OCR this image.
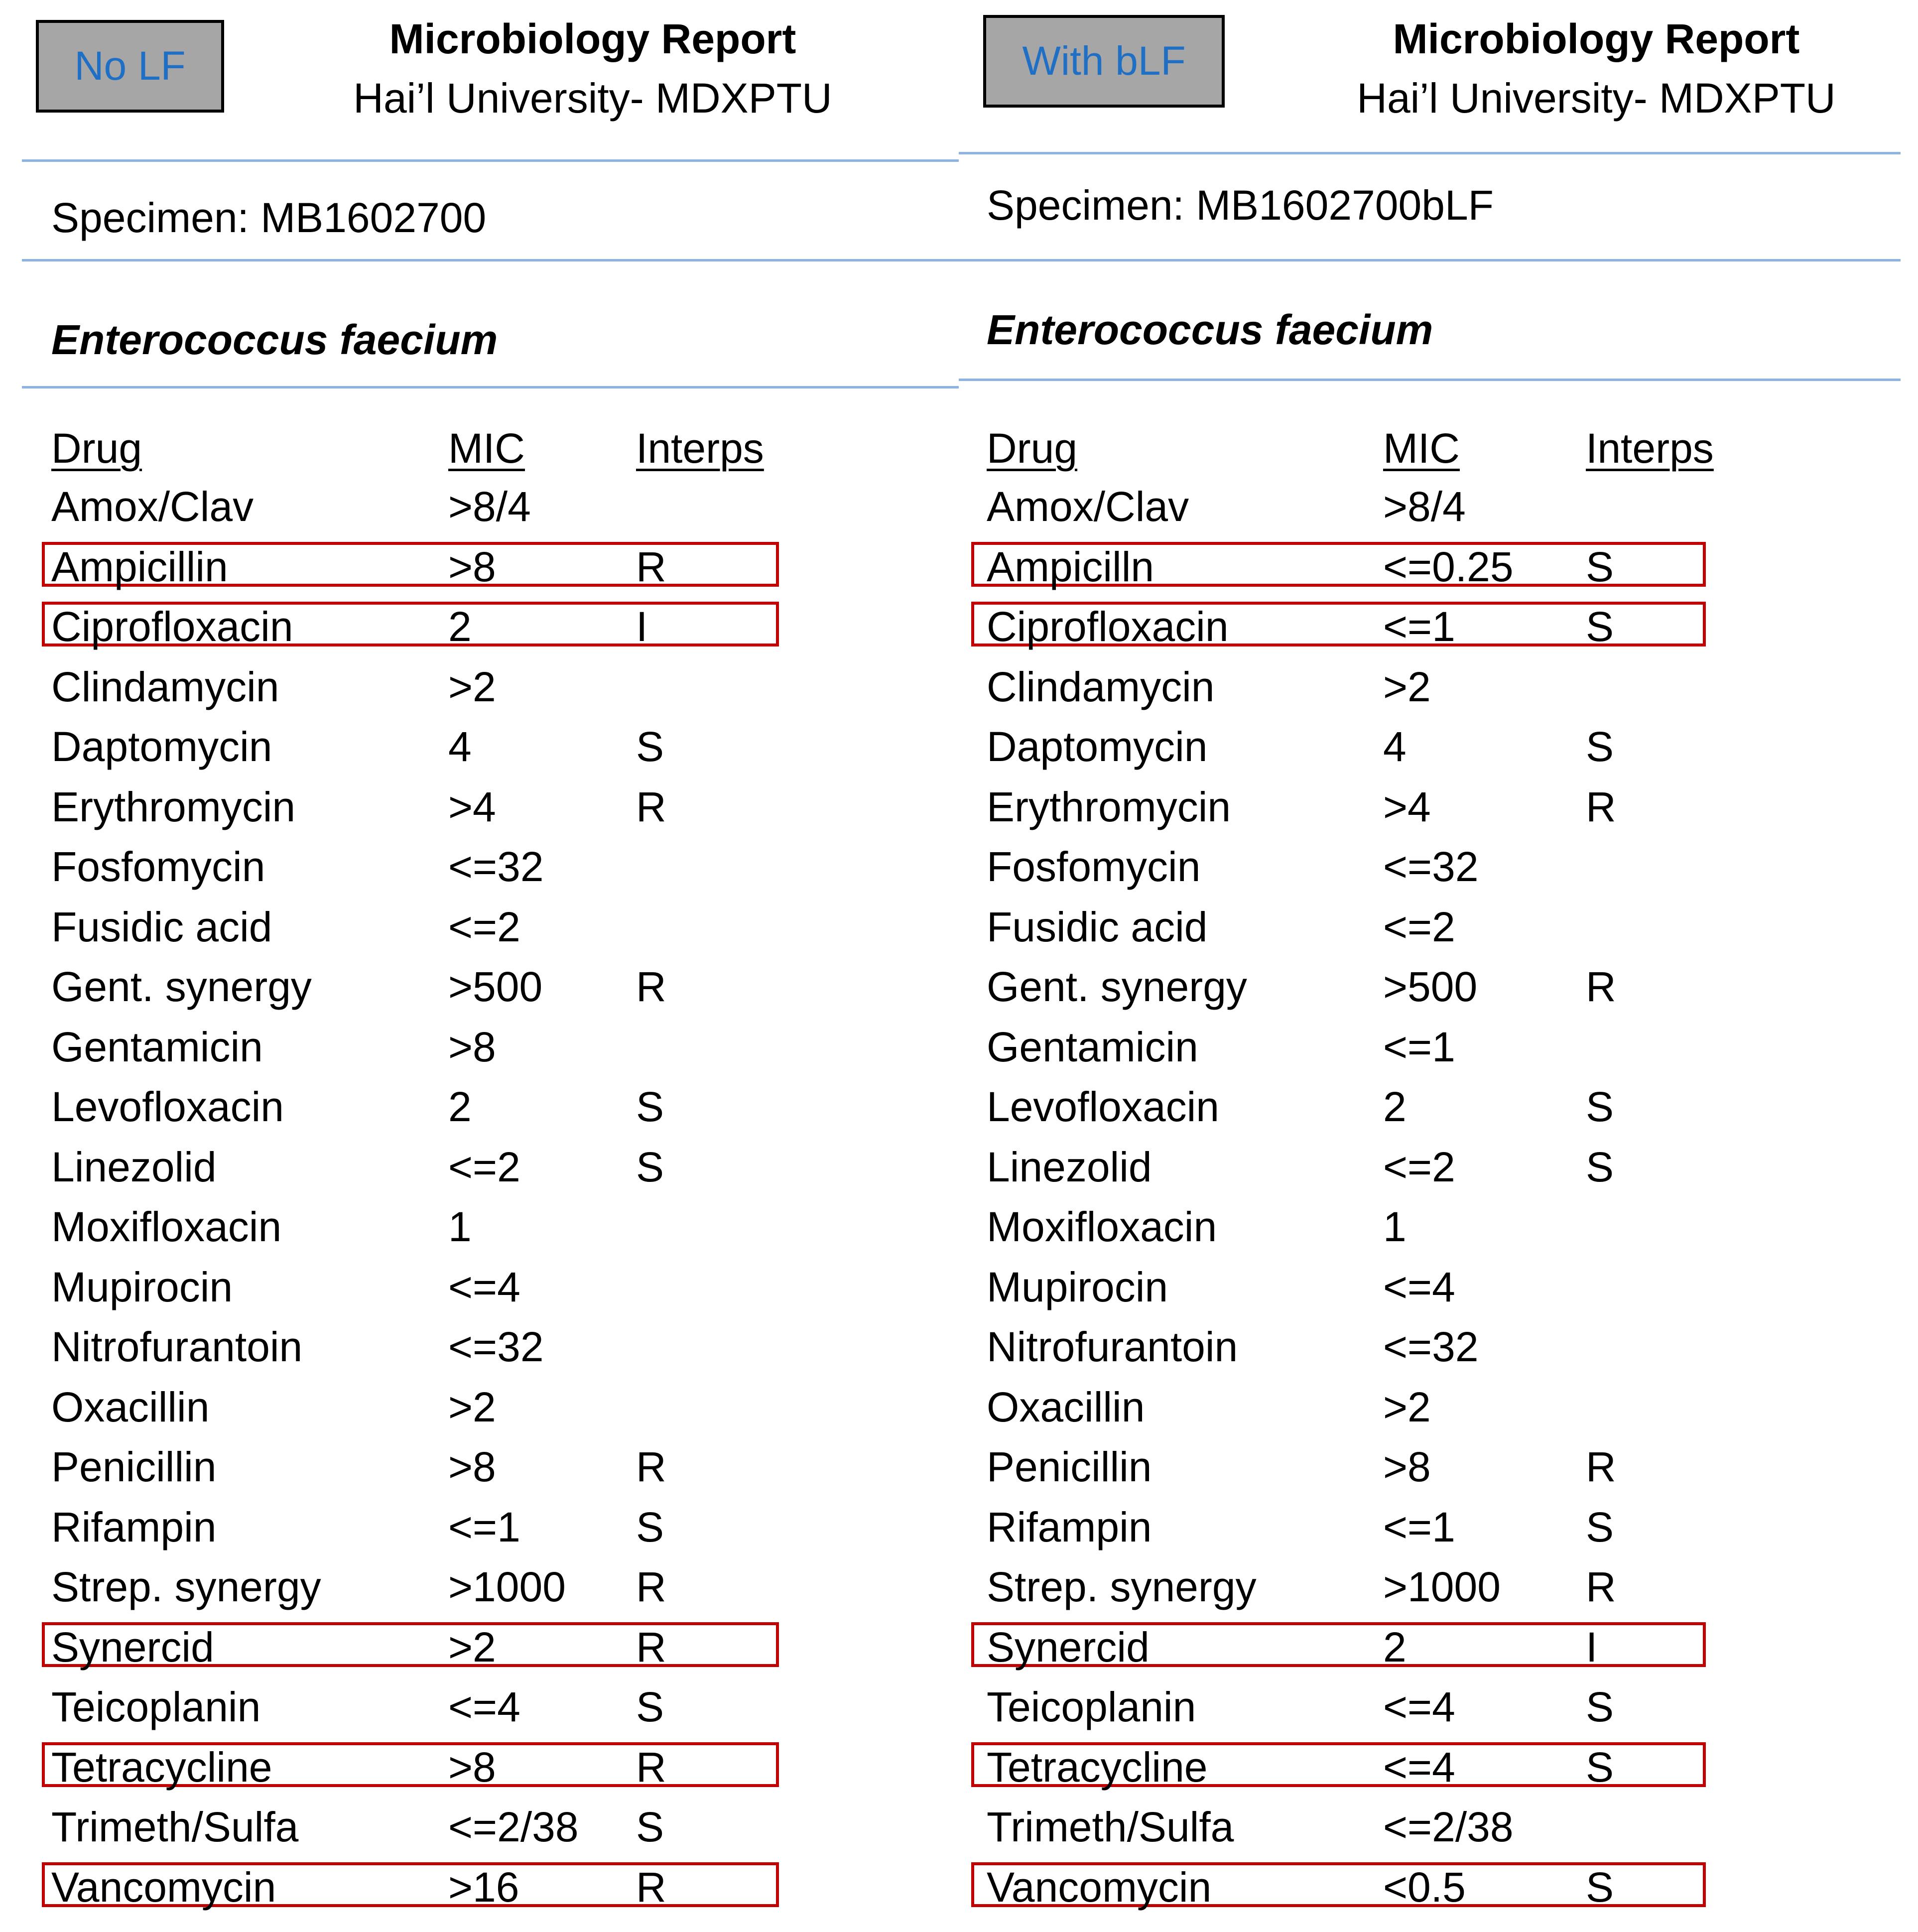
No LF
Microbiology Report
Hai’l University- MDXPTU
Specimen: MB1602700
Enterococcus faecium
Drug	MIC	Interps
Amox/Clav	>8/4
Ampicillin	>8	R
Ciprofloxacin	2	I
Clindamycin	>2
Daptomycin	4	S
Erythromycin	>4	R
Fosfomycin	<=32
Fusidic acid	<=2
Gent. synergy	>500 R
Gentamicin	>8
Levofloxacin	2	S
Linezolid	<=2	S
Moxifloxacin	1
Mupirocin	<=4
Nitrofurantoin	<=32
Oxacillin	>2
Penicillin	>8	R
Rifampin	<=1	S
Strep. synergy	>1000 R
Synercid	>2	R
Teicoplanin	<=4	S
Tetracycline	>8	R
Trimeth/Sulfa	<=2/38 S
Vancomycin	>16	R
With bLF	Microbiology Report
Hai’l University- MDXPTU
Specimen: MB1602700bLF
Enterococcus faecium
Drug	MIC	Interps
Amox/Clav	>8/4
Ampicilln	<=0.25 S
Ciprofloxacin	<=1	S
Clindamycin	>2
Daptomycin	4	S
Erythromycin	>4	R
Fosfomycin	<=32
Fusidic acid	<=2
Gent. synergy	>500	R
Gentamicin	<=1
Levofloxacin	2	S
Linezolid	<=2	S
Moxifloxacin	1
Mupirocin	<=4
Nitrofurantoin	<=32
Oxacillin	>2
Penicillin	>8	R
Rifampin	<=1	S
Strep. synergy	>1000 R
Synercid	2	I
Teicoplanin	<=4	S
Tetracycline	<=4	S
Trimeth/Sulfa	<=2/38
Vancomycin	<0.5	S
